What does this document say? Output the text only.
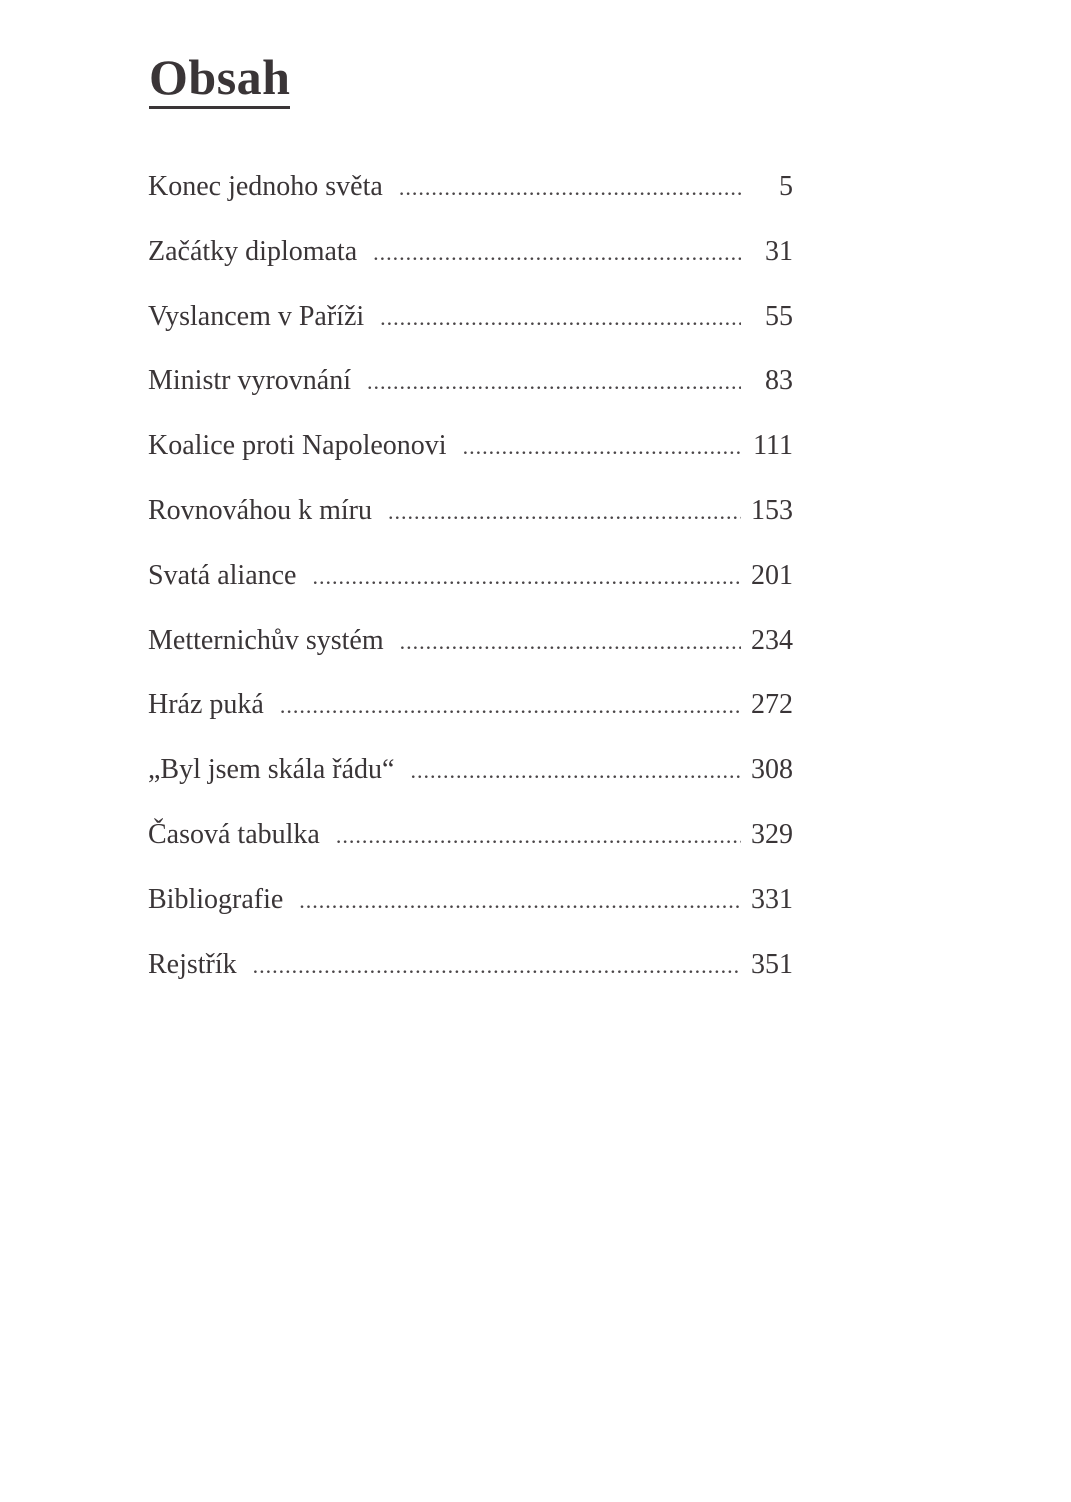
Obsah
Konec jednoho světa .....	5
Začátky diplomata .....	31
Vyslancem v Paříži .....	55
Ministr vyrovnání .....	83
Koalice proti Napoleonovi .....	111
Rovnováhou k míru .....	153
Svatá aliance .....	201
Metternichův systém .....	234
Hráz puká .....	272
„Byl jsem skála řádu“ .....	308
Časová tabulka .....	329
Bibliografie .....	331
Rejstřík .....	351
